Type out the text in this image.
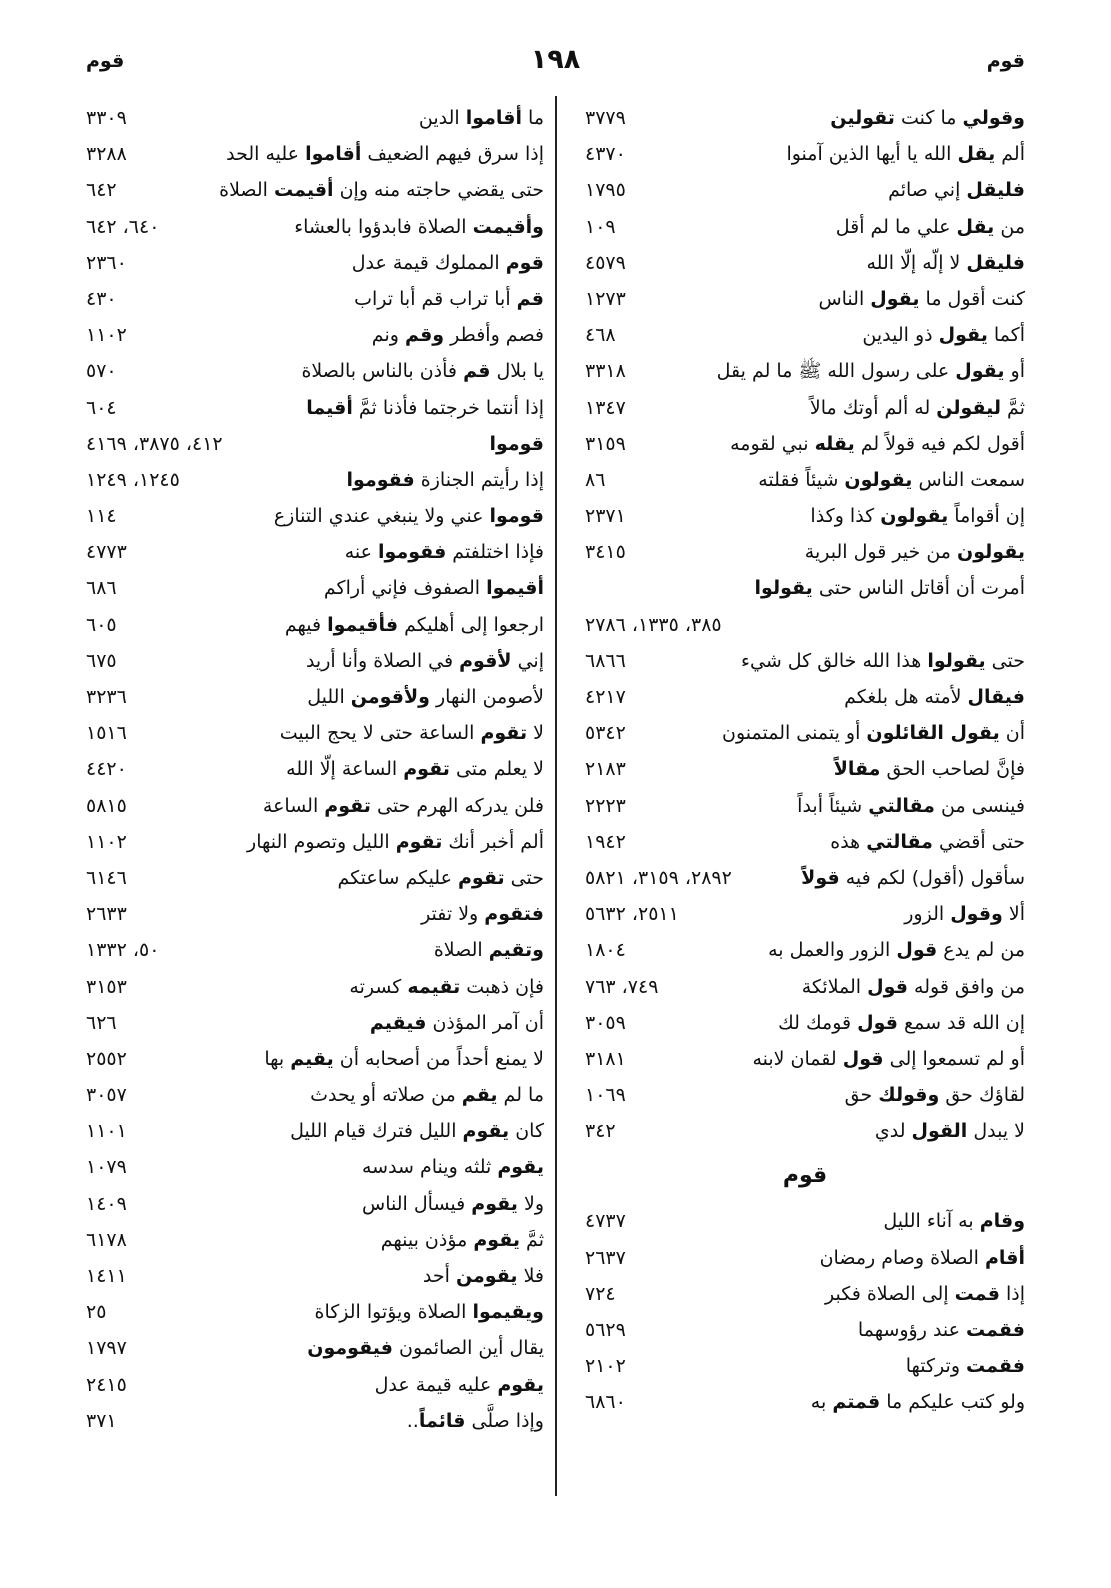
قوم
١٩٨
قوم
وقولي ما كنت تقولين
٣٧٧٩
ألم يقل الله يا أيها الذين آمنوا
٤٣٧٠
فليقل إني صائم
١٧٩٥
من يقل علي ما لم أقل
١٠٩
فليقل لا إلّه إلّا الله
٤٥٧٩
كنت أقول ما يقول الناس
١٢٧٣
أكما يقول ذو اليدين
٤٦٨
أو يقول على رسول الله ﷺ ما لم يقل
٣٣١٨
ثمَّ ليقولن له ألم أوتك مالاً
١٣٤٧
أقول لكم فيه قولاً لم يقله نبي لقومه
٣١٥٩
سمعت الناس يقولون شيئاً فقلته
٨٦
إن أقواماً يقولون كذا وكذا
٢٣٧١
يقولون من خير قول البرية
٣٤١٥
أمرت أن أقاتل الناس حتى يقولوا
٣٨٥، ١٣٣٥، ٢٧٨٦
حتى يقولوا هذا الله خالق كل شيء
٦٨٦٦
فيقال لأمته هل بلغكم
٤٢١٧
أن يقول القائلون أو يتمنى المتمنون
٥٣٤٢
فإنَّ لصاحب الحق مقالاً
٢١٨٣
فينسى من مقالتي شيئاً أبداً
٢٢٢٣
حتى أقضي مقالتي هذه
١٩٤٢
سأقول (أقول) لكم فيه قولاً
٢٨٩٢، ٣١٥٩، ٥٨٢١
ألا وقول الزور
٢٥١١، ٥٦٣٢
من لم يدع قول الزور والعمل به
١٨٠٤
من وافق قوله قول الملائكة
٧٤٩، ٧٦٣
إن الله قد سمع قول قومك لك
٣٠٥٩
أو لم تسمعوا إلى قول لقمان لابنه
٣١٨١
لقاؤك حق وقولك حق
١٠٦٩
لا يبدل القول لدي
٣٤٢
قوم
وقام به آناء الليل
٤٧٣٧
أقام الصلاة وصام رمضان
٢٦٣٧
إذا قمت إلى الصلاة فكبر
٧٢٤
فقمت عند رؤوسهما
٥٦٢٩
فقمت وتركتها
٢١٠٢
ولو كتب عليكم ما قمتم به
٦٨٦٠
ما أقاموا الدين
٣٣٠٩
إذا سرق فيهم الضعيف أقاموا عليه الحد
٣٢٨٨
حتى يقضي حاجته منه وإن أقيمت الصلاة
٦٤٢
وأقيمت الصلاة فابدؤوا بالعشاء
٦٤٠، ٦٤٢
قوم المملوك قيمة عدل
٢٣٦٠
قم أبا تراب قم أبا تراب
٤٣٠
فصم وأفطر وقم ونم
١١٠٢
يا بلال قم فأذن بالناس بالصلاة
٥٧٠
إذا أنتما خرجتما فأذنا ثمَّ أقيما
٦٠٤
قوموا
٤١٢، ٣٨٧٥، ٤١٦٩
إذا رأيتم الجنازة فقوموا
١٢٤٥، ١٢٤٩
قوموا عني ولا ينبغي عندي التنازع
١١٤
فإذا اختلفتم فقوموا عنه
٤٧٧٣
أقيموا الصفوف فإني أراكم
٦٨٦
ارجعوا إلى أهليكم فأقيموا فيهم
٦٠٥
إني لأقوم في الصلاة وأنا أريد
٦٧٥
لأصومن النهار ولأقومن الليل
٣٢٣٦
لا تقوم الساعة حتى لا يحج البيت
١٥١٦
لا يعلم متى تقوم الساعة إلّا الله
٤٤٢٠
فلن يدركه الهرم حتى تقوم الساعة
٥٨١٥
ألم أخبر أنك تقوم الليل وتصوم النهار
١١٠٢
حتى تقوم عليكم ساعتكم
٦١٤٦
فتقوم ولا تفتر
٢٦٣٣
وتقيم الصلاة
٥٠، ١٣٣٢
فإن ذهبت تقيمه كسرته
٣١٥٣
أن آمر المؤذن فيقيم
٦٢٦
لا يمنع أحداً من أصحابه أن يقيم بها
٢٥٥٢
ما لم يقم من صلاته أو يحدث
٣٠٥٧
كان يقوم الليل فترك قيام الليل
١١٠١
يقوم ثلثه وينام سدسه
١٠٧٩
ولا يقوم فيسأل الناس
١٤٠٩
ثمَّ يقوم مؤذن بينهم
٦١٧٨
فلا يقومن أحد
١٤١١
ويقيموا الصلاة ويؤتوا الزكاة
٢٥
يقال أين الصائمون فيقومون
١٧٩٧
يقوم عليه قيمة عدل
٢٤١٥
وإذا صلَّى قائماً..
٣٧١
